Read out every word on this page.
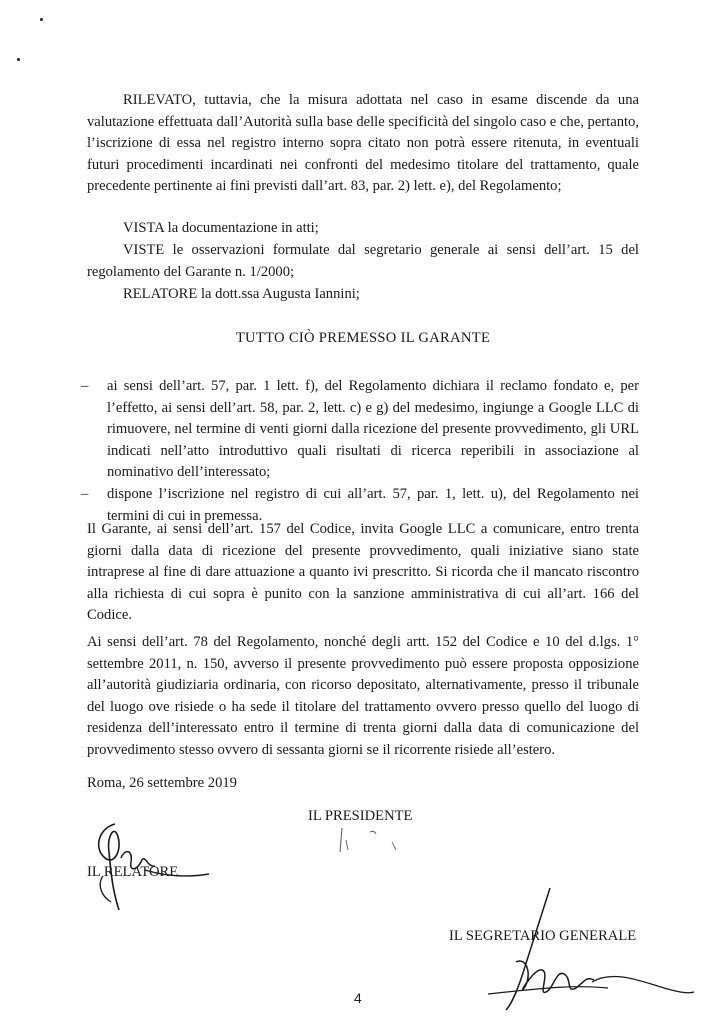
RILEVATO, tuttavia, che la misura adottata nel caso in esame discende da una valutazione effettuata dall’Autorità sulla base delle specificità del singolo caso e che, pertanto, l’iscrizione di essa nel registro interno sopra citato non potrà essere ritenuta, in eventuali futuri procedimenti incardinati nei confronti del medesimo titolare del trattamento, quale precedente pertinente ai fini previsti dall’art. 83, par. 2) lett. e), del Regolamento;

VISTA la documentazione in atti;

VISTE le osservazioni formulate dal segretario generale ai sensi dell’art. 15 del regolamento del Garante n. 1/2000;

RELATORE la dott.ssa Augusta Iannini;

TUTTO CIÒ PREMESSO IL GARANTE
– ai sensi dell’art. 57, par. 1 lett. f), del Regolamento dichiara il reclamo fondato e, per l’effetto, ai sensi dell’art. 58, par. 2, lett. c) e g) del medesimo, ingiunge a Google LLC di rimuovere, nel termine di venti giorni dalla ricezione del presente provvedimento, gli URL indicati nell’atto introduttivo quali risultati di ricerca reperibili in associazione al nominativo dell’interessato;
– dispone l’iscrizione nel registro di cui all’art. 57, par. 1, lett. u), del Regolamento nei termini di cui in premessa.

Il Garante, ai sensi dell’art. 157 del Codice, invita Google LLC a comunicare, entro trenta giorni dalla data di ricezione del presente provvedimento, quali iniziative siano state intraprese al fine di dare attuazione a quanto ivi prescritto. Si ricorda che il mancato riscontro alla richiesta di cui sopra è punito con la sanzione amministrativa di cui all’art. 166 del Codice.

Ai sensi dell’art. 78 del Regolamento, nonché degli artt. 152 del Codice e 10 del d.lgs. 1° settembre 2011, n. 150, avverso il presente provvedimento può essere proposta opposizione all’autorità giudiziaria ordinaria, con ricorso depositato, alternativamente, presso il tribunale del luogo ove risiede o ha sede il titolare del trattamento ovvero presso quello del luogo di residenza dell’interessato entro il termine di trenta giorni dalla data di comunicazione del provvedimento stesso ovvero di sessanta giorni se il ricorrente risiede all’estero.

Roma, 26 settembre 2019
IL PRESIDENTE
IL RELATORE
IL SEGRETARIO GENERALE
4
